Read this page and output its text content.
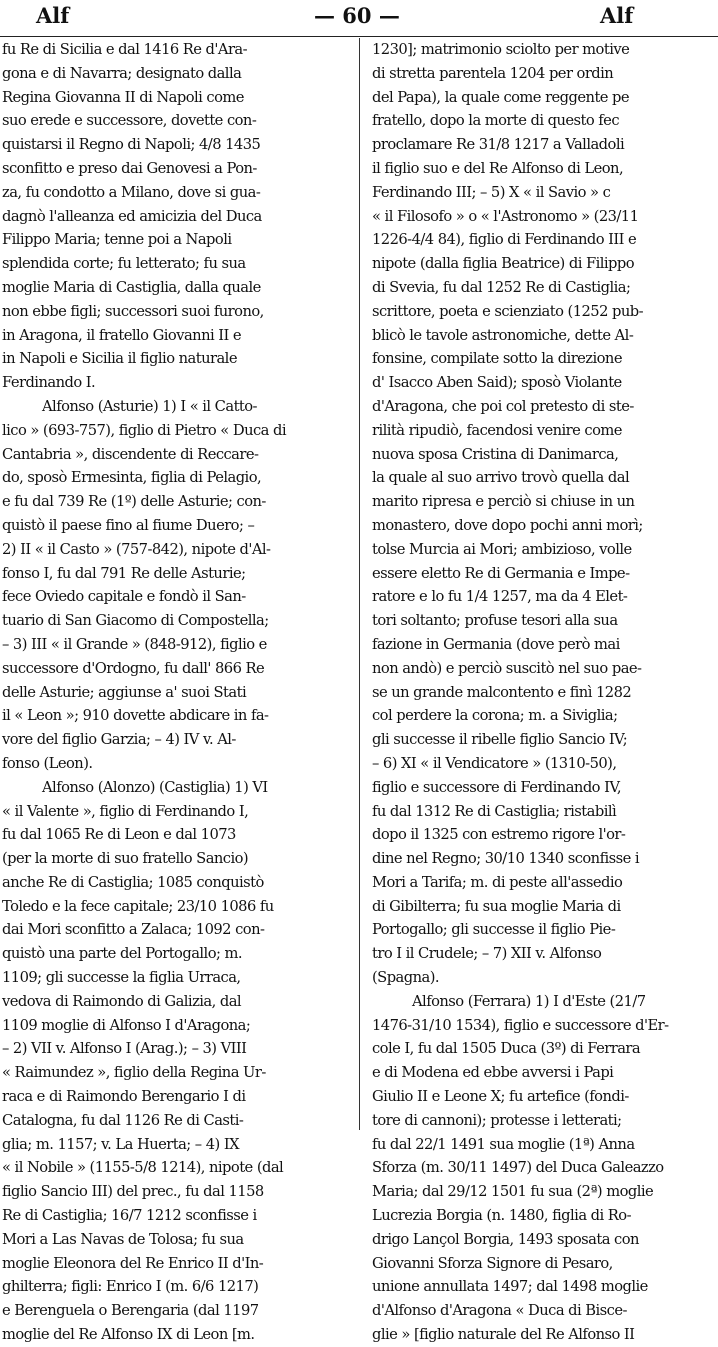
Alf	— 60 —	Alf
fu Re di Sicilia e dal 1416 Re d'Ara-
gona e di Navarra; designato dalla
Regina Giovanna II di Napoli come
suo erede e successore, dovette con-
quistarsi il Regno di Napoli; 4/8 1435
sconfitto e preso dai Genovesi a Pon-
za, fu condotto a Milano, dove si gua-
dagnò l'alleanza ed amicizia del Duca
Filippo Maria; tenne poi a Napoli
splendida corte; fu letterato; fu sua
moglie Maria di Castiglia, dalla quale
non ebbe figli; successori suoi furono,
in Aragona, il fratello Giovanni II e
in Napoli e Sicilia il figlio naturale
Ferdinando I.
Alfonso (Asturie) 1) I « il Catto-
lico » (693-757), figlio di Pietro « Duca di
Cantabria », discendente di Reccare-
do, sposò Ermesinta, figlia di Pelagio,
e fu dal 739 Re (1º) delle Asturie; con-
quistò il paese fino al fiume Duero; –
2) II « il Casto » (757-842), nipote d'Al-
fonso I, fu dal 791 Re delle Asturie;
fece Oviedo capitale e fondò il San-
tuario di San Giacomo di Compostella;
– 3) III « il Grande » (848-912), figlio e
successore d'Ordogno, fu dall' 866 Re
delle Asturie; aggiunse a' suoi Stati
il « Leon »; 910 dovette abdicare in fa-
vore del figlio Garzia; – 4) IV v. Al-
fonso (Leon).
Alfonso (Alonzo) (Castiglia) 1) VI
« il Valente », figlio di Ferdinando I,
fu dal 1065 Re di Leon e dal 1073
(per la morte di suo fratello Sancio)
anche Re di Castiglia; 1085 conquistò
Toledo e la fece capitale; 23/10 1086 fu
dai Mori sconfitto a Zalaca; 1092 con-
quistò una parte del Portogallo; m.
1109; gli successe la figlia Urraca,
vedova di Raimondo di Galizia, dal
1109 moglie di Alfonso I d'Aragona;
– 2) VII v. Alfonso I (Arag.); – 3) VIII
« Raimundez », figlio della Regina Ur-
raca e di Raimondo Berengario I di
Catalogna, fu dal 1126 Re di Casti-
glia; m. 1157; v. La Huerta; – 4) IX
« il Nobile » (1155-5/8 1214), nipote (dal
figlio Sancio III) del prec., fu dal 1158
Re di Castiglia; 16/7 1212 sconfisse i
Mori a Las Navas de Tolosa; fu sua
moglie Eleonora del Re Enrico II d'In-
ghilterra; figli: Enrico I (m. 6/6 1217)
e Berenguela o Berengaria (dal 1197
moglie del Re Alfonso IX di Leon [m.
1230]; matrimonio sciolto per motive
di stretta parentela 1204 per ordin
del Papa), la quale come reggente pe
fratello, dopo la morte di questo fec
proclamare Re 31/8 1217 a Valladoli
il figlio suo e del Re Alfonso di Leon,
Ferdinando III; – 5) X « il Savio » c
« il Filosofo » o « l'Astronomo » (23/11
1226-4/4 84), figlio di Ferdinando III e
nipote (dalla figlia Beatrice) di Filippo
di Svevia, fu dal 1252 Re di Castiglia;
scrittore, poeta e scienziato (1252 pub-
blicò le tavole astronomiche, dette Al-
fonsine, compilate sotto la direzione
d' Isacco Aben Said); sposò Violante
d'Aragona, che poi col pretesto di ste-
rilità ripudiò, facendosi venire come
nuova sposa Cristina di Danimarca,
la quale al suo arrivo trovò quella dal
marito ripresa e perciò si chiuse in un
monastero, dove dopo pochi anni morì;
tolse Murcia ai Mori; ambizioso, volle
essere eletto Re di Germania e Impe-
ratore e lo fu 1/4 1257, ma da 4 Elet-
tori soltanto; profuse tesori alla sua
fazione in Germania (dove però mai
non andò) e perciò suscitò nel suo pae-
se un grande malcontento e finì 1282
col perdere la corona; m. a Siviglia;
gli successe il ribelle figlio Sancio IV;
– 6) XI « il Vendicatore » (1310-50),
figlio e successore di Ferdinando IV,
fu dal 1312 Re di Castiglia; ristabilì
dopo il 1325 con estremo rigore l'or-
dine nel Regno; 30/10 1340 sconfisse i
Mori a Tarifa; m. di peste all'assedio
di Gibilterra; fu sua moglie Maria di
Portogallo; gli successe il figlio Pie-
tro I il Crudele; – 7) XII v. Alfonso
(Spagna).
Alfonso (Ferrara) 1) I d'Este (21/7
1476-31/10 1534), figlio e successore d'Er-
cole I, fu dal 1505 Duca (3º) di Ferrara
e di Modena ed ebbe avversi i Papi
Giulio II e Leone X; fu artefice (fondi-
tore di cannoni); protesse i letterati;
fu dal 22/1 1491 sua moglie (1ª) Anna
Sforza (m. 30/11 1497) del Duca Galeazzo
Maria; dal 29/12 1501 fu sua (2ª) moglie
Lucrezia Borgia (n. 1480, figlia di Ro-
drigo Lançol Borgia, 1493 sposata con
Giovanni Sforza Signore di Pesaro,
unione annullata 1497; dal 1498 moglie
d'Alfonso d'Aragona « Duca di Bisce-
glie » [figlio naturale del Re Alfonso II
